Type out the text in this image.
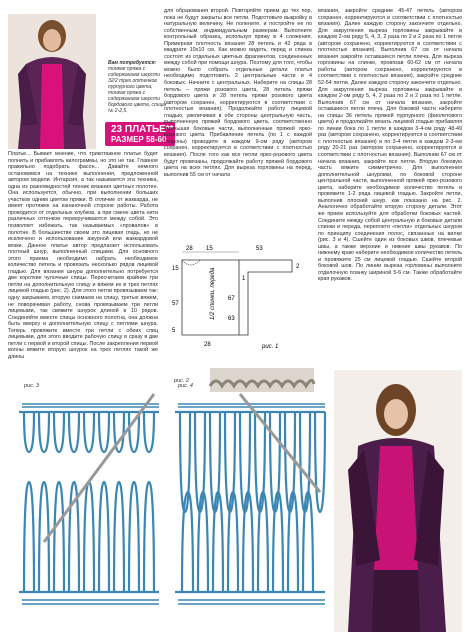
Вам потребуется: тонкая пряжа с содержанием шерсти 32/2 трех оттенков пурпурного цвета, тонкая пряжа с содержанием шерсти бордового цвета, спицы № 2-2,5.
23 ПЛАТЬЕ**
РАЗМЕР 58-60
Платье... Бывает мнение, что трикотажное платье будет полнить и прибавлять килограммы, но это не так. Главное правильно подобрать фасон... Давайте немного остановимся на технике выполнения, предложенной автором модели. Интарсия, а так называется эта техника, одна из разновидностей техник вязания цветных полотен. Она используется, обычно, при выполнении больших участков одним цветом пряжи. В отличие от жаккарда, не имеет протяжек на изнаночной стороне работы. Работа проводится от отдельных клубков, а при смене цвета нити различных оттенков перекручиваются между собой. Это позволяет избежать, так называемых «провалов» в полотне. В большинстве своем это лицевая гладь, но не исключено и использование ажурной или жаккардовой вязки. Данное платье автор предлагает использовать плотный шнур, выполненный спицами. Для основного этого приема необходимо набрать необходимое количество петель и провязать несколько рядов лицевой гладью. Для вязания шнура дополнительно потребуется две короткие чулочные спицы. Пересчитаем крайние три петли на дополнительную спицу и вяжем их в трех петлях лицевой гладью (рис. 2). Для этого петли провязываем так: одну закрываем, вторую снимаем на спицу, третью вяжем, не поворачивая работу, снова провязываем три петли лицевыми, так свяжите шнурок длиной в 10 рядов. Соединяйте вместе спицы основного полотна, она должна быть вверху и дополнительную спицу с петлями шнура. Теперь провяжите вместе три петли с обеих спиц лицевыми, для этого вводите рабочую спицу в сразу в две петли с первой и второй спицы. После закрепления первой волны вяжите вторую шнурок на трех петлях такой же длины
для образования второй. Повторяйте прием до тех пор, пока не будут закрыты все петли. Подготовьте выкройку в натуральную величину. Не полените, и постройте ее по собственным, индивидуальным размерам. Выполните контрольный образец, используя пряжу в 4 сложения. Примерная плотность вязания 28 петель и 42 ряда в квадрате 10х10 см. Как можно видеть, перед и спинка состоят из отдельных цветных фрагментов, соединенных между собой при помощи шнура. Поэтому для того, чтобы можно было собрать отдельные детали платья необходимо подготовить 2 центральные части и 4 боковых. Начните с центральных. Наберите на спицы 28 петель – пряжи розового цвета, 28 петель пряжи бордового цвета и 28 петель пряжи розового цвета (автором сохранен, корректируются в соответствии с плотностью вязания). Продолжайте работу лицевой гладью, увеличивая в обе стороны центральную часть, выполненную пряжей бордового цвета, соответственно уменьшая боковые части, выполненные пряжей ярко-розового цвета. Прибавление петель (по 1 с каждой стороны) проводите в каждом 9-ом ряду (автором сохранен, корректируется в соответствии с плотностью вязания). После того как все петли ярко-розового цвета будут провязаны, продолжайте работу пряжей бордового цвета на всех петлях. Для выреза горловины на перед, выполнив 55 см от начала
вязания, закройте средние 45-47 петель (автором сохранен, корректируются в соответствии с плотностью вязания). Далее каждую сторону закончите отдельно. Для закругления выреза горловины закрывайте в каждом 2-ом ряду 5, 4, 3, 2 раза по 2 и 2 раза по 1 петле (автором сохранено, корректируются в соответствии с плотностью вязания). Выполнив 67 см от начала вязания закройте оставшиеся петли плеча. Для выреза горловины на спинке, провязав 60-62 см от начала работы (автором сохранено, корректируются в соответствии с плотностью вязания), закройте средние 52-54 петли. Далее каждую сторону закончите отдельно. Для закругления выреза горловины закрывайте в каждом 2-ом ряду 5, 4, 2 раза по 2 и 2 раза по 1 петле. Выполнив 67 см от начала вязания, закройте оставшиеся петли плеча. Для боковой части наберите на спицы 36 петель пряжей пурпурного (фиолетового цвета) и продолжайте вязать лицевой гладью прибавляя по линии бока по 1 петле в каждом 3-4-ом ряду 48-49 раз (автором сохранено, корректируются в соответствии с плотностью вязания) и по 3-4 петли в каждом 2-3-ем ряду 20-21 раз (автором сохранено, корректируются в соответствии с плотностью вязания). Выполнив 67 см от начала вязания, закройте все петли. Вторую боковую часть вяжите симметрично. Для выполнения дополнительной шнуровки, по боковой стороне центральной части, выполненной пряжей ярко-розового цвета, наберите необходимое количество петель и провяжите 1-2 ряда лицевой гладью. Закройте петли, выполнив плоский шнур, как показано на рис. 2. Аналогично обработайте вторую сторону детали. Этот же прием используйте для обработки боковых частей. Соедините между собой центральную и боковые детали спинки и переда, переплетя «петли» отдельных шнуров по принципу соединения полос, связанных на вилке (рис. 3 и 4). Сшейте один из боковых швов, плечевые швы, а также верхние и нижние швы рукавов. По нижнему краю наберите необходимое количество петель и провяжите 25 см лицевой гладью. Сшейте второй боковой шов. По линии выреза горловины выполните отделочную планку шириной 5-6 см. Также обработайте края рукавов.
28 15	53
2
15
57
5
67
1
63
28
1/2 спинки, переда
рис. 1
рис. 2
рис. 3	рис. 4
